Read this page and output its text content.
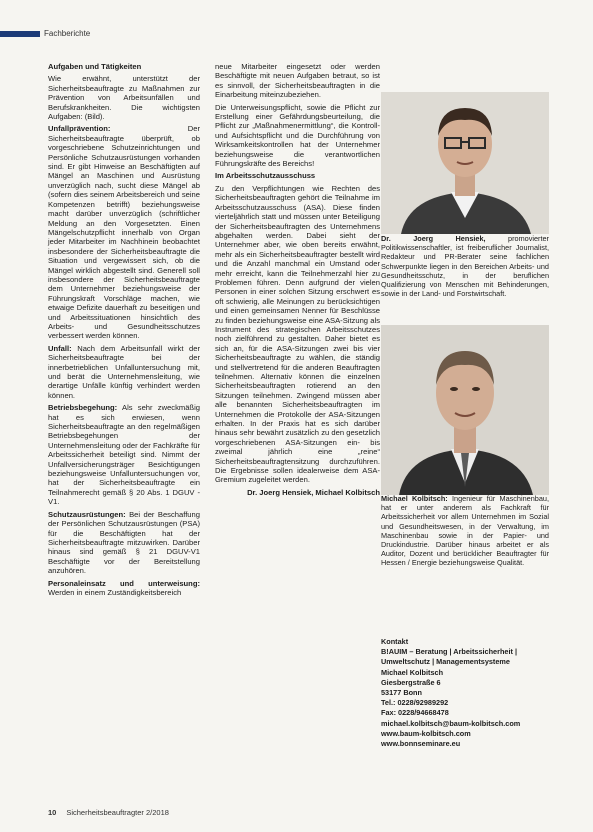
Fachberichte

Aufgaben und Tätigkeiten

Wie erwähnt, unterstützt der Sicherheitsbeauftragte zu Maßnahmen zur Prävention von Arbeitsunfällen und Berufskrankheiten. Die wichtigsten Aufgaben: (Bild).

Unfallprävention:	Der Sicherheitsbeauftragte überprüft, ob vorgeschriebene Schutzeinrichtungen und Persönliche Schutzausrüstungen vorhanden sind. Er gibt Hinweise an Beschäftigten auf Mängel an Maschinen und Ausrüstung unverzüglich nach, sucht diese Mängel ab (sofern dies seinem Arbeitsbereich und seine Kompetenzen betrifft) beziehungsweise macht darüber unverzüglich (schriftlicher Meldung an den Vorgesetzten. Einen Mängelschutzpflicht innerhalb von Organ jeder Mitarbeiter im Nachhinein beobachtet insbesondere der Sicherheitsbeauftragte die Situation und vergewissert sich, ob die Mängel wirklich abgestellt sind. Generell soll insbesondere der Sicherheitsbeauftragte dem Unternehmer beziehungsweise der Führungskraft Vorschläge machen, wie etwaige Defizite dauerhaft zu beseitigen und und Arbeitssituationen hinsichtlich des Arbeits- und Gesundheitsschutzes verbessert werden können.

Unfall: Nach dem Arbeitsunfall wirkt der Sicherheitsbeauftragte bei der innerbetrieblichen Unfalluntersuchung mit, und berät die Unternehmensleitung, wie derartige Unfälle künftig verhindert werden können.

Betriebsbegehung: Als sehr zweckmäßig hat es sich erwiesen, wenn Sicherheitsbeauftragte an den regelmäßigen Betriebsbegehungen der Unternehmensleitung oder der Fachkräfte für Arbeitssicherheit beteiligt sind. Nimmt der Unfallversicherungsträger Besichtigungen beziehungsweise Unfalluntersuchungen vor, hat der Sicherheitsbeauftragte ein Teilnahmerecht gemäß § 20 Abs. 1 DGUV - V1.

Schutzausrüstungen: Bei der Beschaffung der Persönlichen Schutzausrüstungen (PSA) für die Beschäftigten hat der Sicherheitsbeauftragte mitzuwirken. Darüber hinaus sind gemäß § 21 DGUV-V1 Beschäftigte vor der Bereitstellung anzuhören.

Personaleinsatz und unterweisung: Werden in einem Zuständigkeitsbereich

neue Mitarbeiter eingesetzt oder werden Beschäftigte mit neuen Aufgaben betraut, so ist es sinnvoll, der Sicherheitsbeauftragten in die Einarbeitung miteinzubeziehen.

Die Unterweisungspflicht, sowie die Pflicht zur Erstellung einer Gefährdungsbeurteilung, die Pflicht zur „Maßnahmenermittlung“, die Kontroll- und Aufsichtspflicht und die Durchführung von Wirksamkeitskontrollen hat der Unternehmer beziehungsweise die verantwortlichen Führungskräfte des Bereichs!

Im Arbeitsschutzausschuss

Zu den Verpflichtungen wie Rechten des Sicherheitsbeauftragten gehört die Teilnahme im Arbeitsschutzausschuss (ASA). Diese finden vierteljährlich statt und müssen unter Beteiligung der Sicherheitsbeauftragten des Unternehmens abgehalten werden. Dabei sieht der Unternehmer aber, wie oben bereits erwähnt, mehr als ein Sicherheitsbeauftragter bestellt wird und die Anzahl manchmal ein Umstand oder mehr erreicht, kann die Teilnehmerzahl hier zu Problemen führen. Denn aufgrund der vielen Personen in einer solchen Sitzung erschwert es oft schwierig, alle Meinungen zu berücksichtigen und einen gemeinsamen Nenner für Beschlüsse zu finden beziehungsweise eine ASA-Sitzung als Instrument des strategischen Arbeitsschutzes noch zielführend zu gestalten. Daher bietet es sich an, für die ASA-Sitzungen zwei bis vier Sicherheitsbeauftragte zu wählen, die ständig und stellvertretend für die anderen Beauftragten teilnehmen. Alternativ können die einzelnen Sicherheitsbeauftragten rotierend an den Sitzungen teilnehmen. Zwingend müssen aber alle benannten Sicherheitsbeauftragten im Unternehmen die Protokolle der ASA-Sitzungen erhalten. In der Praxis hat es sich darüber hinaus sehr bewährt zusätzlich zu den gesetzlich vorgeschriebenen ASA-Sitzungen ein- bis zweimal jährlich eine „reine“ Sicherheitsbeauftragtensitzung durchzuführen. Die Ergebnisse sollen idealerweise dem ASA-Gremium zugeleitet werden.

Dr. Joerg Hensiek, Michael Kolbitsch

Dr. Joerg Hensiek,	promovierter Politikwissenschaftler, ist freiberuflicher Journalist, Redakteur und PR-Berater seine fachlichen Schwerpunkte liegen in den Bereichen Arbeits- und Gesundheitsschutz, in der beruflichen Qualifizierung von Menschen mit Behinderungen, sowie in der Land- und Forstwirtschaft.
Michael Kolbitsch: Ingenieur für Maschinenbau, hat er unter anderem als Fachkraft für Arbeitssicherheit vor allem Unternehmen im Sozial und Gesundheitswesen, in der Verwaltung, im Maschinenbau sowie in der Papier- und Druckindustrie. Darüber hinaus arbeitet er als Auditor, Dozent und berücklicher Beauftragter für Hessen / Energie beziehungsweise Qualität.
Kontakt
B!AUIM – Beratung | Arbeitssicherheit |
Umweltschutz | Managementsysteme
Michael Kolbitsch
Giesbergstraße 6
53177 Bonn
Tel.: 0228/92989292
Fax: 0228/94668478
michael.kolbitsch@baum-kolbitsch.com
www.baum-kolbitsch.com
www.bonnseminare.eu
10 Sicherheitsbeauftragter 2/2018
